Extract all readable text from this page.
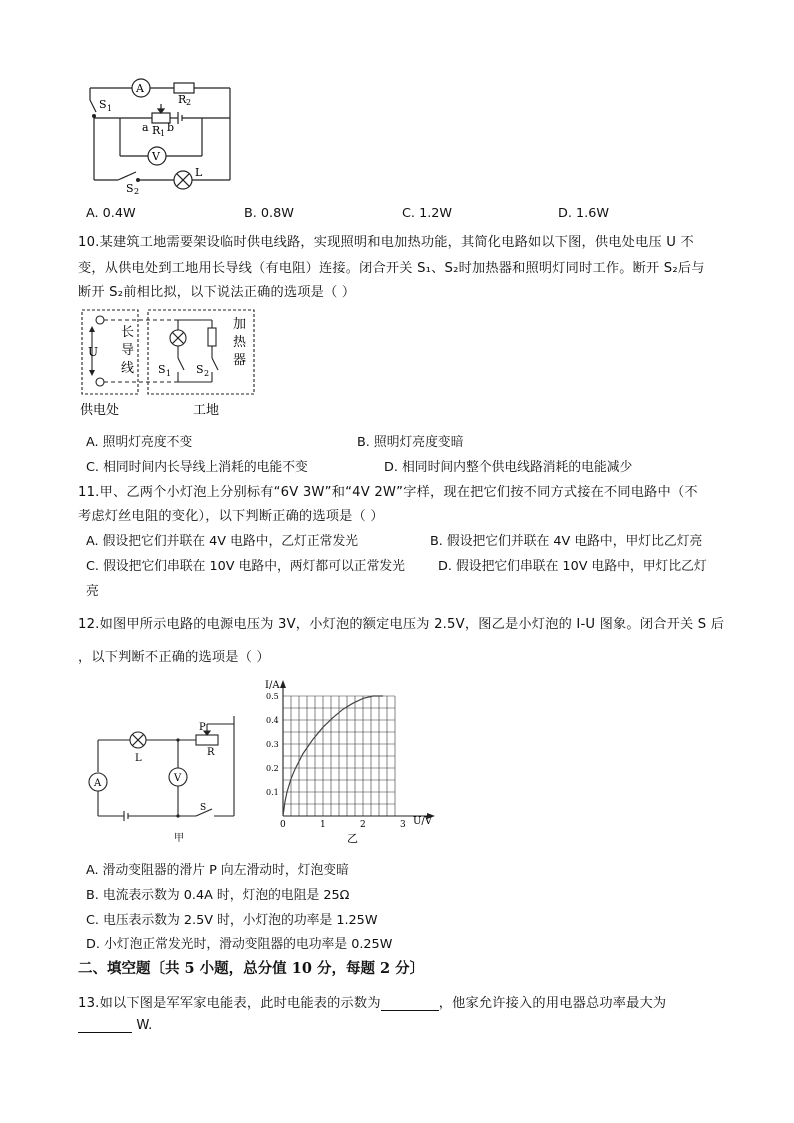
A
R 2
S 1
a R 1 b
V
S 2
L
A. 0.4W	B. 0.8W	C. 1.2W	D. 1.6W
10.某建筑工地需要架设临时供电线路，实现照明和电加热功能，其简化电路如以下图，供电处电压 U 不
变，从供电处到工地用长导线（有电阻）连接。闭合开关 S₁、S₂时加热器和照明灯同时工作。断开 S₂后与
断开 S₂前相比拟，以下说法正确的选项是（ ）
U
长
导
线
加
热
器
S 1 S 2
供电处	工地
A. 照明灯亮度不变	B. 照明灯亮度变暗
C. 相同时间内长导线上消耗的电能不变	D. 相同时间内整个供电线路消耗的电能减少
11.甲、乙两个小灯泡上分别标有“6V 3W”和“4V 2W”字样，现在把它们按不同方式接在不同电路中（不
考虑灯丝电阻的变化），以下判断正确的选项是（ ）
A. 假设把它们并联在 4V 电路中，乙灯正常发光	B. 假设把它们并联在 4V 电路中，甲灯比乙灯亮
C. 假设把它们串联在 10V 电路中，两灯都可以正常发光	D. 假设把它们串联在 10V 电路中，甲灯比乙灯
亮
12.如图甲所示电路的电源电压为 3V，小灯泡的额定电压为 2.5V，图乙是小灯泡的 I-U 图象。闭合开关 S 后
，以下判断不正确的选项是（ ）
A
L
V
P
R
S
甲
0	1	2	3
0.1
0.2
0.3
0.4
0.5
I/A
U/V
乙
A. 滑动变阻器的滑片 P 向左滑动时，灯泡变暗
B. 电流表示数为 0.4A 时，灯泡的电阻是 25Ω
C. 电压表示数为 2.5V 时，小灯泡的功率是 1.25W
D. 小灯泡正常发光时，滑动变阻器的电功率是 0.25W
二、填空题〔共 5 小题，总分值 10 分，每题 2 分〕
13.如以下图是军军家电能表，此时电能表的示数为	，他家允许接入的用电器总功率最大为
W.
